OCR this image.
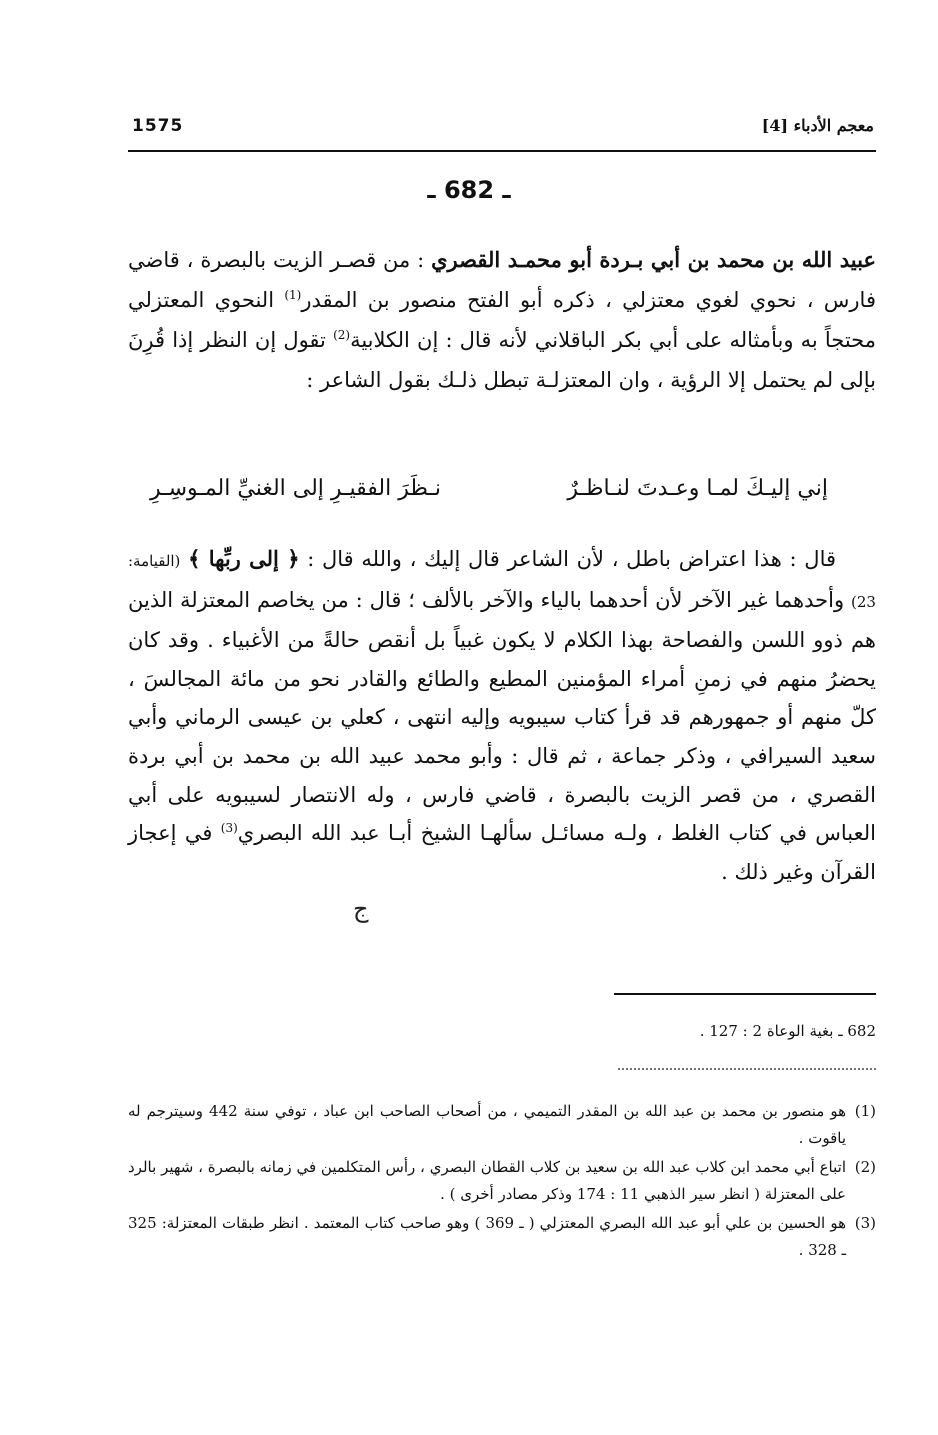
1575	معجم الأدباء [4]
ـ 682 ـ

عبيد الله بن محمد بن أبي بـردة أبو محمـد القصري : من قصـر الزيت بالبصرة ، قاضي فارس ، نحوي لغوي معتزلي ، ذكره أبو الفتح منصور بن المقدر$^{(1)}$ النحوي المعتزلي محتجاً به وبأمثاله على أبي بكر الباقلاني لأنه قال : إن الكلابية$^{(2)}$ تقول إن النظر إذا قُرِنَ بإلى لم يحتمل إلا الرؤية ، وان المعتزلـة تبطل ذلـك بقول الشاعر :

إني إليـكَ لمـا وعـدتَ لنـاظـرٌ
نـظَرَ الفقيـرِ إلى الغنيِّ المـوسِـرِ

قال : هذا اعتراض باطل ، لأن الشاعر قال إليك ، والله قال : ﴿ إلى ربِّها ﴾ (القيامة: 23) وأحدهما غير الآخر لأن أحدهما بالياء والآخر بالألف ؛ قال : من يخاصم المعتزلة الذين هم ذوو اللسن والفصاحة بهذا الكلام لا يكون غبياً بل أنقص حالةً من الأغبياء . وقد كان يحضرُ منهم في زمنِ أمراء المؤمنين المطيع والطائع والقادر نحو من مائة المجالسَ ، كلّ منهم أو جمهورهم قد قرأ كتاب سيبويه وإليه انتهى ، كعلي بن عيسى الرماني وأبي سعيد السيرافي ، وذكر جماعة ، ثم قال : وأبو محمد عبيد الله بن محمد بن أبي بردة القصري ، من قصر الزيت بالبصرة ، قاضي فارس ، وله الانتصار لسيبويه على أبي العباس في كتاب الغلط ، ولـه مسائـل سألهـا الشيخ أبـا عبد الله البصري$^{(3)}$ في إعجاز القرآن وغير ذلك .

ج
682 ـ بغية الوعاة 2 : 127 .

(1)
هو منصور بن محمد بن عبد الله بن المقدر التميمي ، من أصحاب الصاحب ابن عباد ، توفي سنة 442 وسيترجم له ياقوت .

(2)
اتباع أبي محمد ابن كلاب عبد الله بن سعيد بن كلاب القطان البصري ، رأس المتكلمين في زمانه بالبصرة ، شهير بالرد على المعتزلة ( انظر سير الذهبي 11 : 174 وذكر مصادر أخرى ) .

(3)
هو الحسين بن علي أبو عبد الله البصري المعتزلي ( ـ 369 ) وهو صاحب كتاب المعتمد . انظر طبقات المعتزلة: 325 ـ 328 .
